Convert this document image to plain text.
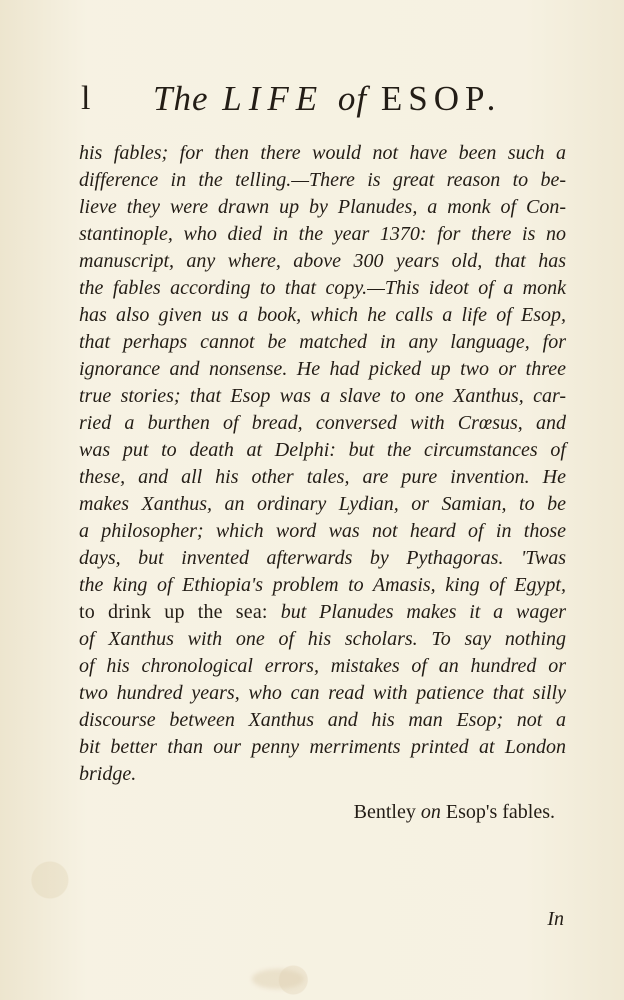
l The LIFE of ESOP.
his fables; for then there would not have been such a
difference in the telling.—There is great reason to be-
lieve they were drawn up by Planudes, a monk of Con-
stantinople, who died in the year 1370: for there is no
manuscript, any where, above 300 years old, that has
the fables according to that copy.—This ideot of a monk
has also given us a book, which he calls a life of Esop,
that perhaps cannot be matched in any language, for
ignorance and nonsense. He had picked up two or three
true stories; that Esop was a slave to one Xanthus, car-
ried a burthen of bread, conversed with Crœsus, and
was put to death at Delphi: but the circumstances of
these, and all his other tales, are pure invention. He
makes Xanthus, an ordinary Lydian, or Samian, to be
a philosopher; which word was not heard of in those
days, but invented afterwards by Pythagoras. 'Twas
the king of Ethiopia's problem to Amasis, king of Egypt,
to drink up the sea: but Planudes makes it a wager
of Xanthus with one of his scholars. To say nothing
of his chronological errors, mistakes of an hundred or
two hundred years, who can read with patience that silly
discourse between Xanthus and his man Esop; not a
bit better than our penny merriments printed at London
bridge.
Bentley on Esop's fables.
In
